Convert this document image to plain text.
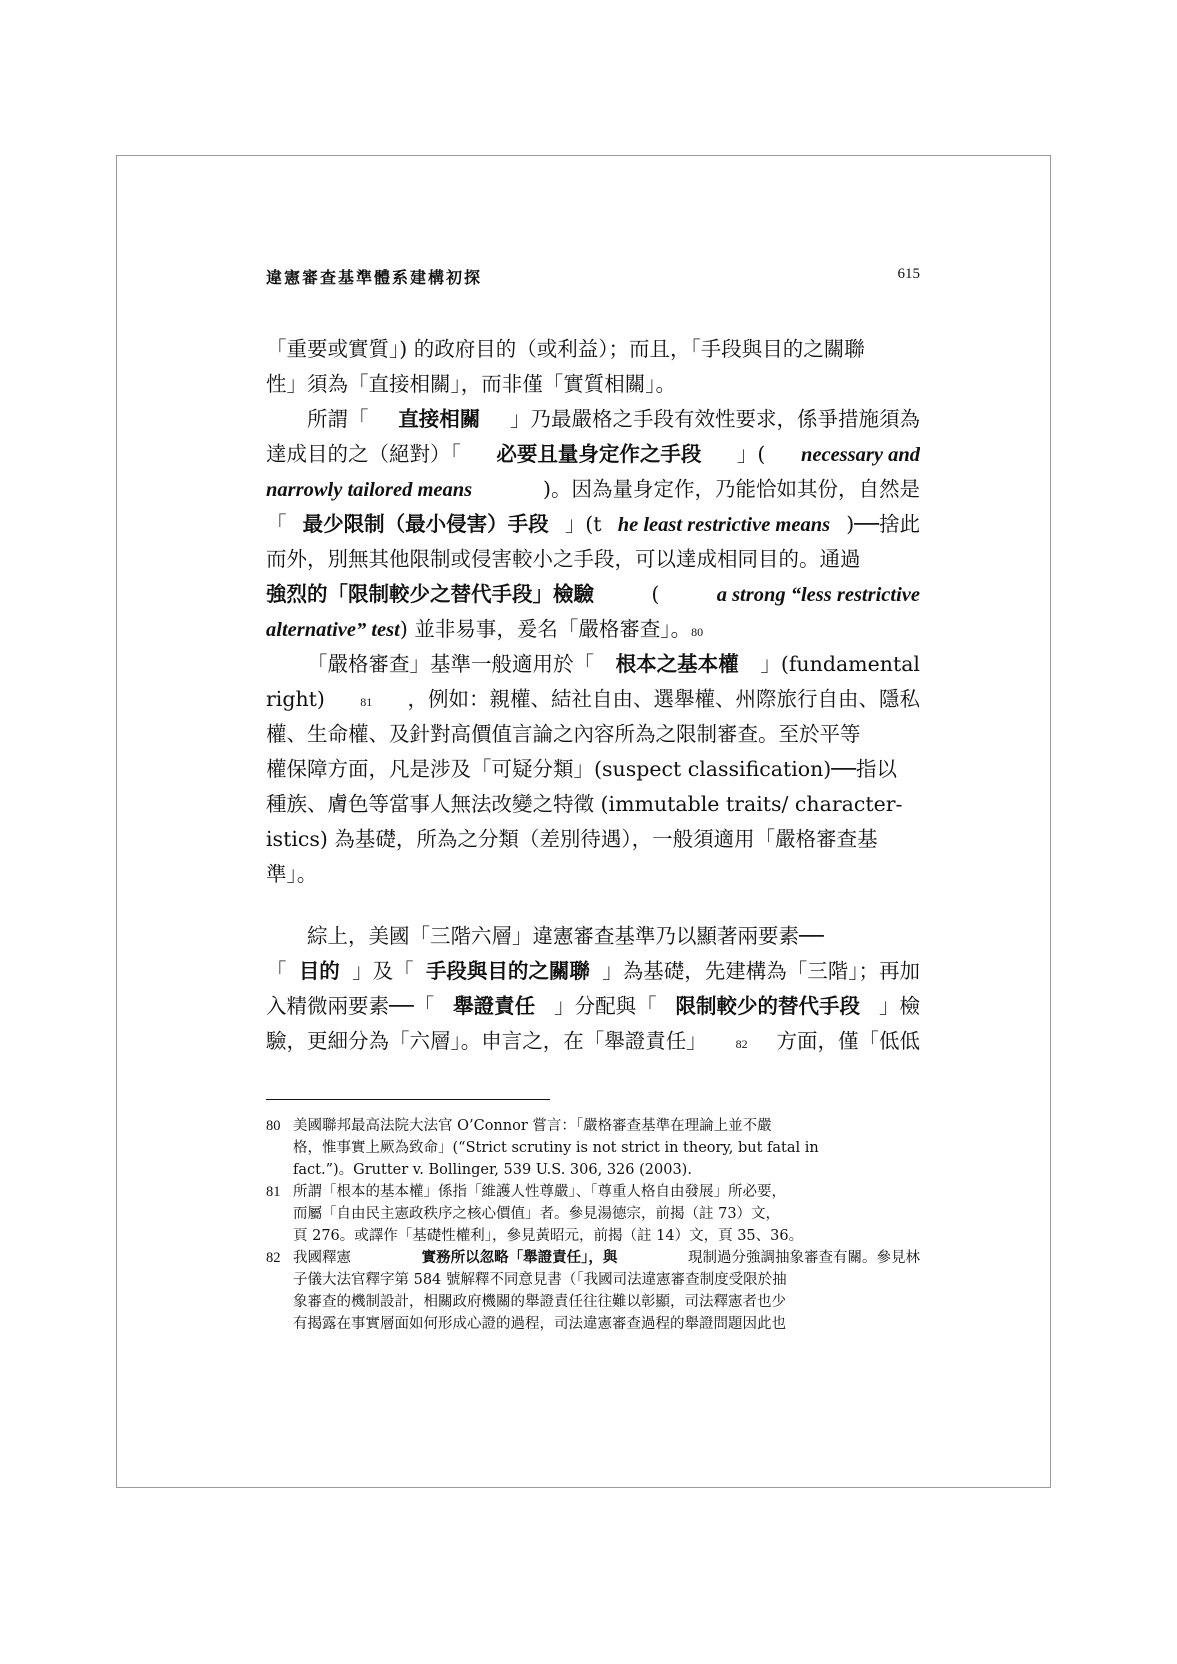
違憲審查基準體系建構初探	615
「重要或實質」) 的政府目的（或利益）；而且，「手段與目的之關聯
性」須為「直接相關」，而非僅「實質相關」。
所謂「 直接相關 」乃最嚴格之手段有效性要求，係爭措施須為
達成目的之（絕對）「 必要且量身定作之手段 」( necessary and
narrowly tailored means	)。因為量身定作，乃能恰如其份，自然是
「 最少限制（最小侵害）手段 」(t he least restrictive means )──捨此
而外，別無其他限制或侵害較小之手段，可以達成相同目的。通過
強烈的「限制較少之替代手段」檢驗	(	a strong “less restrictive
alternative” test ) 並非易事，爰名「嚴格審查」。 80
「嚴格審查」基準一般適用於「 根本之基本權 」(fundamental
right)	81 ，例如：親權、結社自由、選舉權、州際旅行自由、隱私
權、生命權、及針對高價值言論之內容所為之限制審查。至於平等
權保障方面，凡是涉及「可疑分類」(suspect classification)──指以
種族、膚色等當事人無法改變之特徵 (immutable traits/ character-
istics) 為基礎，所為之分類（差別待遇），一般須適用「嚴格審查基
準」。
綜上，美國「三階六層」違憲審查基準乃以顯著兩要素──
「 目的 」及「 手段與目的之關聯 」為基礎，先建構為「三階」；再加
入精微兩要素──「 舉證責任 」分配與「 限制較少的替代手段 」檢
驗，更細分為「六層」。申言之，在「舉證責任」 82 方面，僅「低低
80 美國聯邦最高法院大法官 O’Connor 嘗言：「嚴格審查基準在理論上並不嚴
格，惟事實上厥為致命」(“Strict scrutiny is not strict in theory, but fatal in
fact.”)。Grutter v. Bollinger, 539 U.S. 306, 326 (2003).
81 所謂「根本的基本權」係指「維護人性尊嚴」、「尊重人格自由發展」所必要，
而屬「自由民主憲政秩序之核心價值」者。參見湯德宗，前揭（註 73）文，
頁 276。或譯作「基礎性權利」，參見黃昭元，前揭（註 14）文，頁 35、36。
82 我國釋憲	實務所以忽略「舉證責任」，與	現制過分強調抽象審查有關。參見林
子儀大法官釋字第 584 號解釋不同意見書（「我國司法違憲審查制度受限於抽
象審查的機制設計，相關政府機關的舉證責任往往難以彰顯，司法釋憲者也少
有揭露在事實層面如何形成心證的過程，司法違憲審查過程的舉證問題因此也
